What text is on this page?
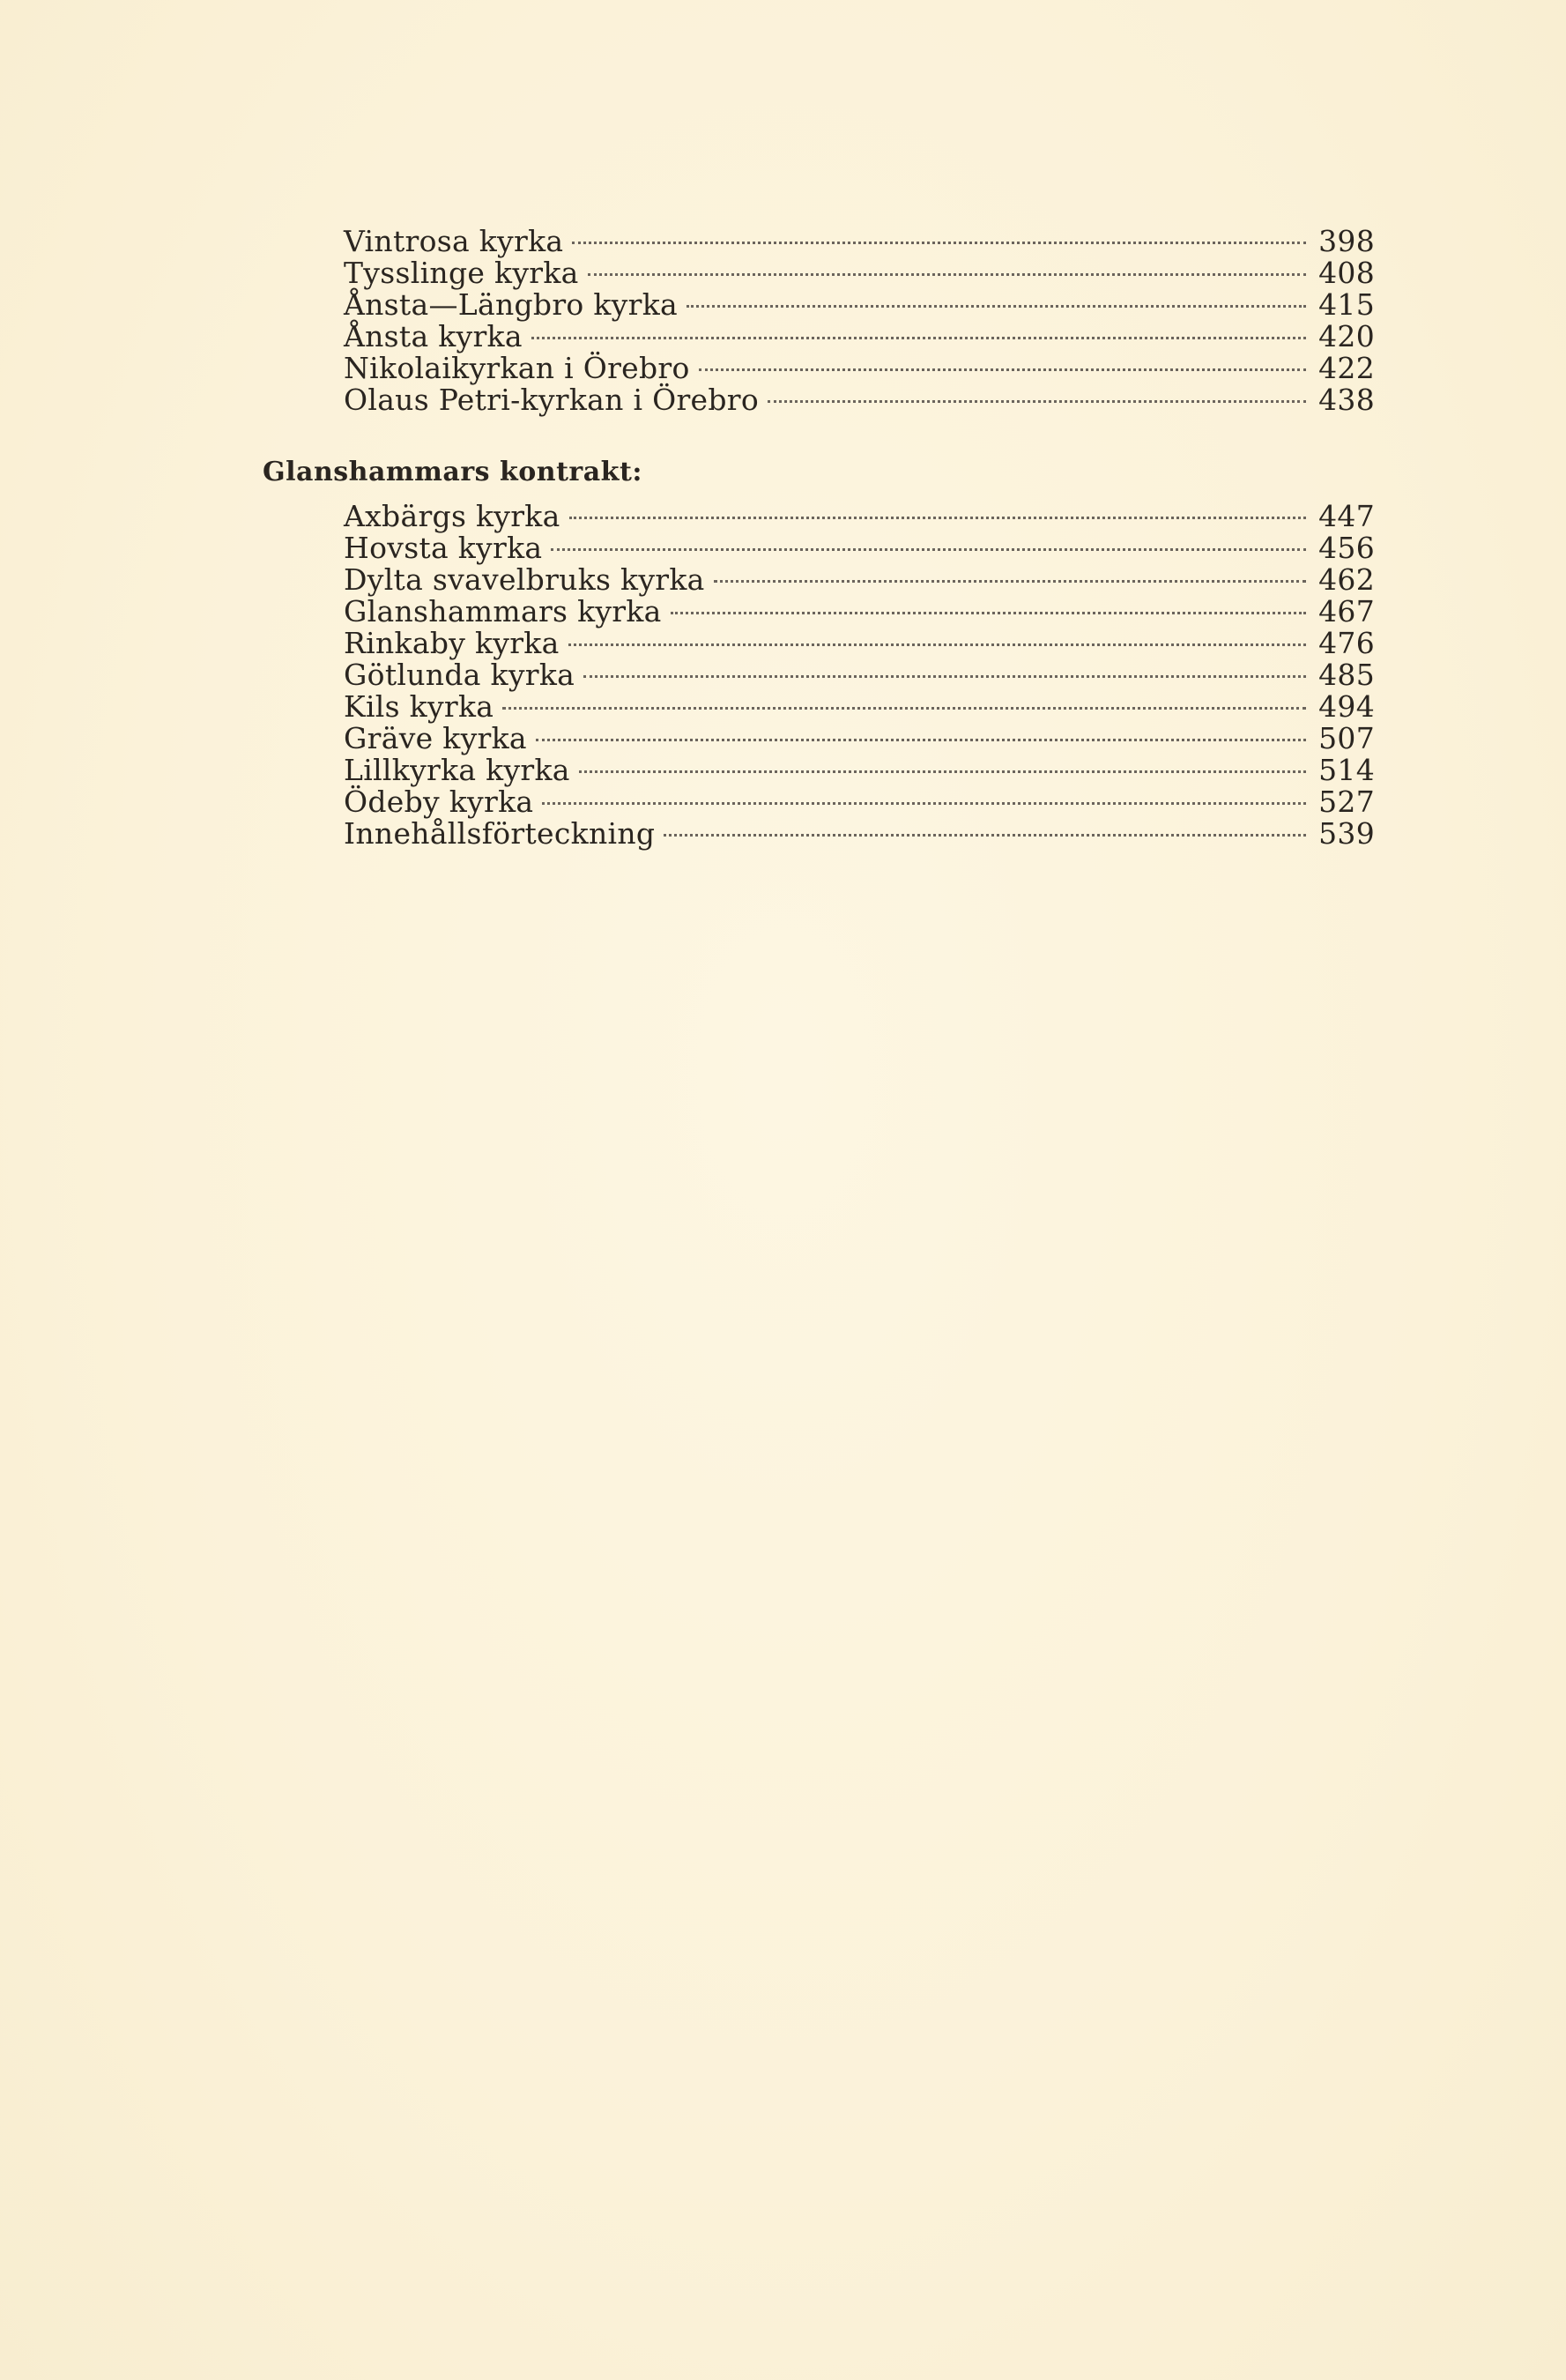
Vintrosa kyrka	398
Tysslinge kyrka	408
Ånsta—Längbro kyrka	415
Ånsta kyrka	420
Nikolaikyrkan i Örebro	422
Olaus Petri-kyrkan i Örebro	438
Glanshammars kontrakt:
Axbärgs kyrka	447
Hovsta kyrka	456
Dylta svavelbruks kyrka	462
Glanshammars kyrka	467
Rinkaby kyrka	476
Götlunda kyrka	485
Kils kyrka	494
Gräve kyrka	507
Lillkyrka kyrka	514
Ödeby kyrka	527
Innehållsförteckning	539
